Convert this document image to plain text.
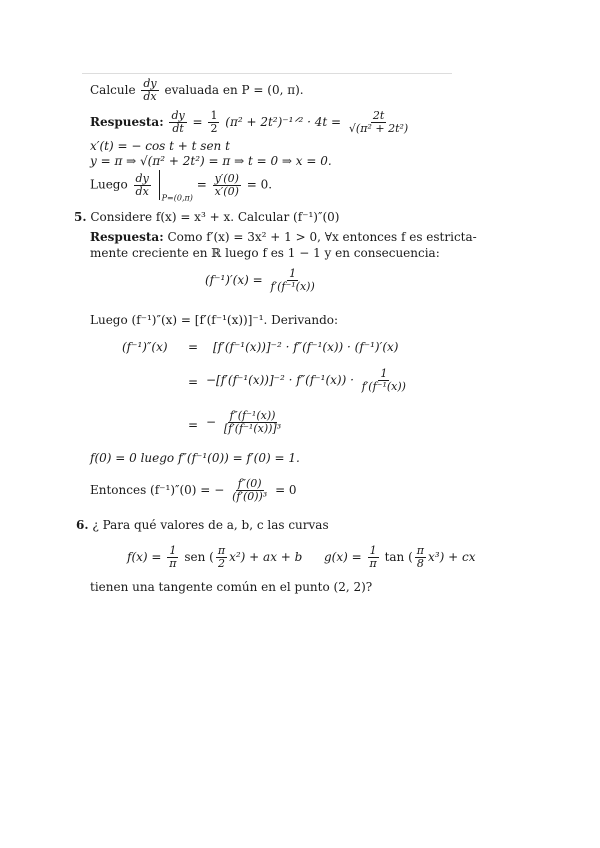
Calcule $\frac{dy}{dx}$ evaluada en P = (0, π).
Respuesta: $\frac{dy}{dt} = \frac{1}{2} (\pi^2$ + 2t²)⁻¹ᐟ² · $4t = \frac{2t}{\text{√(π² + 2t²)}}$
x′(t) = − cos t + t sen t
y = π ⇒ √(π² + 2t²) = π ⇒ t = 0 ⇒ x = 0.
Luego $\frac{dy}{dx}$
$_{P=(0,\pi)} = \frac{y'(0)}{x'(0)} = 0$.
5. Considere f(x) = x³ + x. Calcular (f⁻¹)″(0)
Respuesta: Como f′(x) = 3x² + 1 > 0, ∀x entonces f es estricta-
mente creciente en ℝ luego f es 1 − 1 y en consecuencia:
$(f^{-1})'(x) = \frac{1}{\text{f′(f⁻¹(x))}}$
Luego (f⁻¹)″(x) = [f′(f⁻¹(x))]⁻¹. Derivando:
(f⁻¹)″(x) = [f′(f⁻¹(x))]⁻² · f″(f⁻¹(x)) · (f⁻¹)′(x)
= $-[f'(f^{-1}(x))]^{-2} \cdot f''(f^{-1}(x)) \cdot \frac{1}{\text{f′(f⁻¹(x))}}$
= − $\frac{\text{f″(f⁻¹(x))}}{\text{[f′(f⁻¹(x))]³}}$
f(0) = 0 luego f″(f⁻¹(0)) = f′(0) = 1.
Entonces (f⁻¹)″(0) = − $\frac{f''(0)}{\text{(f′(0))³}} = 0$
6. ¿ Para qué valores de a, b, c las curvas
$f(x) = \frac{1}{\pi}$ sen ( $\frac{\pi}{2} x^2$) + ax + b $g(x) = \frac{1}{\pi}$ tan ( $\frac{\pi}{8} x^3$) + cx
tienen una tangente común en el punto (2, 2)?
